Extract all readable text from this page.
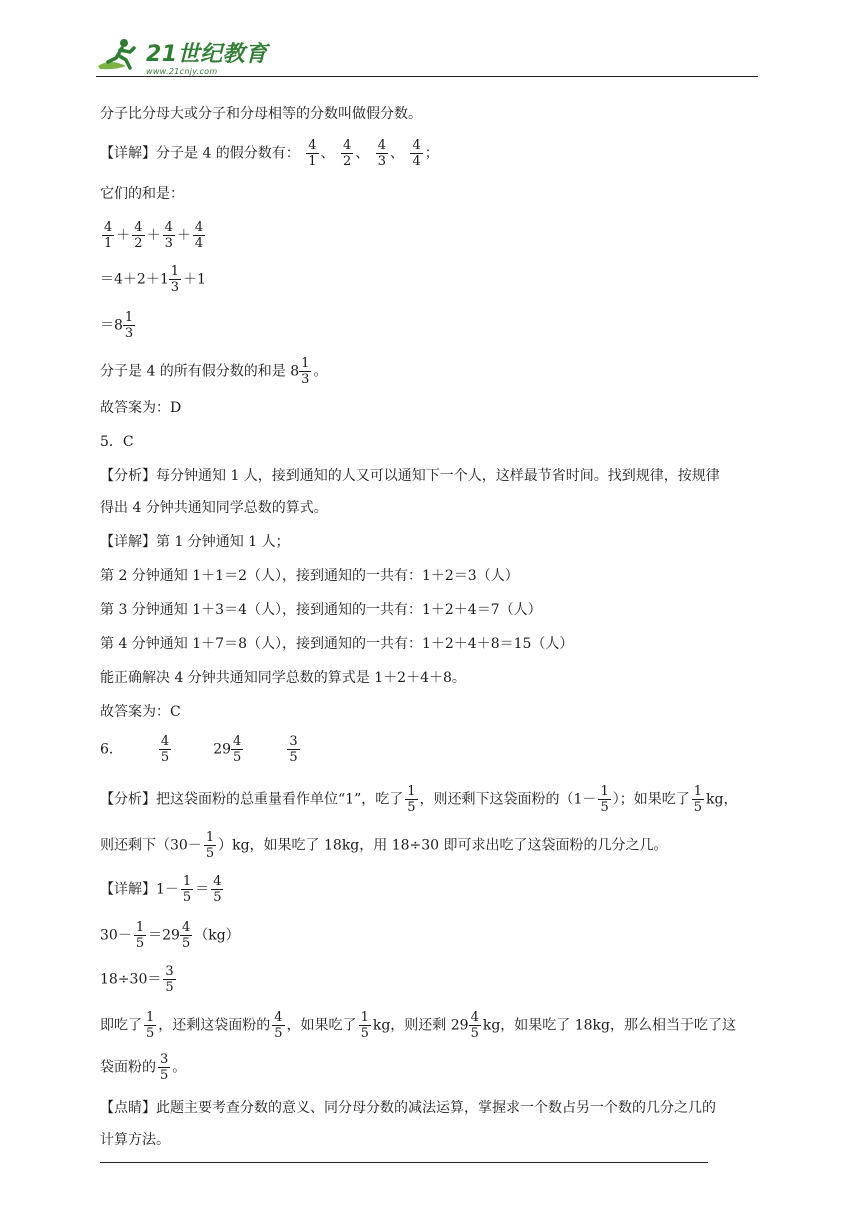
21世纪教育
www.21cnjy.com
分子比分母大或分子和分母相等的分数叫做假分数。
【详解】分子是 4 的假分数有： $\frac{4}{1}$ 、 $\frac{4}{2}$ 、 $\frac{4}{3}$ 、 $\frac{4}{4}$ ；
它们的和是：
$\frac{4}{1} + \frac{4}{2} + \frac{4}{3} + \frac{4}{4}$
$=4+2+1 \frac{1}{3} +1$
$=8 \frac{1}{3}$
分子是 4 的所有假分数的和是 $8 \frac{1}{3}$ 。
故答案为：D
5．C
【分析】每分钟通知 1 人，接到通知的人又可以通知下一个人，这样最节省时间。找到规律，按规律
得出 4 分钟共通知同学总数的算式。
【详解】第 1 分钟通知 1 人；
第 2 分钟通知 1＋1＝2（人），接到通知的一共有：1＋2＝3（人）
第 3 分钟通知 1＋3＝4（人），接到通知的一共有：1＋2＋4＝7（人）
第 4 分钟通知 1＋7＝8（人），接到通知的一共有：1＋2＋4＋8＝15（人）
能正确解决 4 分钟共通知同学总数的算式是 1＋2＋4＋8。
故答案为：C
6．	$\frac{4}{5}$	$29 \frac{4}{5}$	$\frac{3}{5}$
【分析】把这袋面粉的总重量看作单位“1”，吃了 $\frac{1}{5}$ ，则还剩下这袋面粉的（$1- \frac{1}{5}$ ）；如果吃了 $\frac{1}{5}$ kg，
则还剩下$(30- \frac{1}{5} )kg$，如果吃了 18kg，用 18÷30 即可求出吃了这袋面粉的几分之几。
【详解】$1- \frac{1}{5} = \frac{4}{5}$
$30- \frac{1}{5} =29 \frac{4}{5} (kg)$
$18\div 30= \frac{3}{5}$
即吃了 $\frac{1}{5}$ ，还剩这袋面粉的 $\frac{4}{5}$ ，如果吃了 $\frac{1}{5}$ kg，则还剩 $29 \frac{4}{5}$ kg，如果吃了 18kg，那么相当于吃了这
袋面粉的 $\frac{3}{5}$ 。
【点睛】此题主要考查分数的意义、同分母分数的减法运算，掌握求一个数占另一个数的几分之几的
计算方法。
